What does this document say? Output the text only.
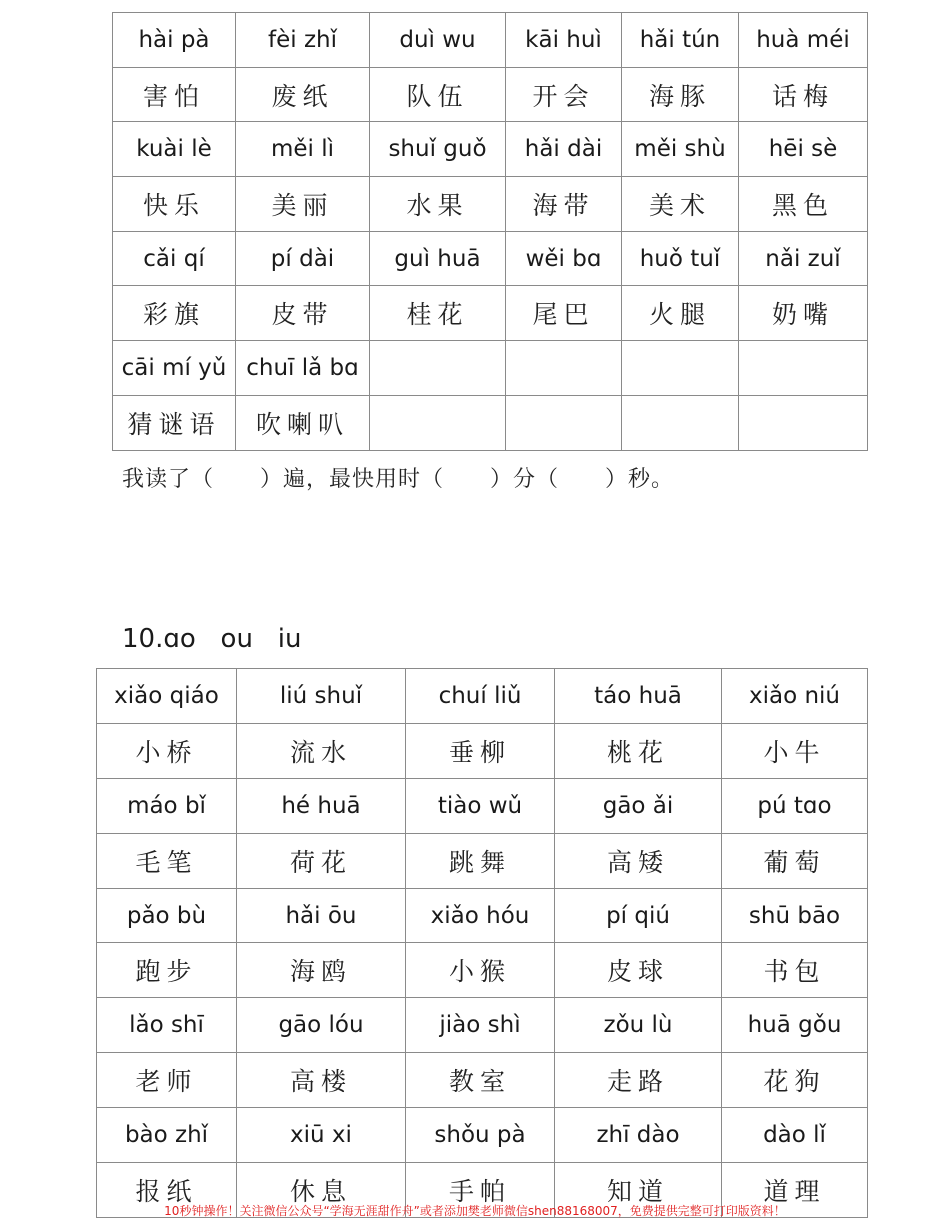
hài pà	fèi zhǐ	duì wu	kāi huì	hǎi tún	huà méi
害怕	废纸	队伍	开会	海豚	话梅
kuài lè	měi lì	shuǐ guǒ	hǎi dài	měi shù	hēi sè
快乐	美丽	水果	海带	美术	黑色
cǎi qí	pí dài	guì huā	wěi bɑ	huǒ tuǐ	nǎi zuǐ
彩旗	皮带	桂花	尾巴	火腿	奶嘴
cāi mí yǔ	chuī lǎ bɑ				
猜谜语	吹喇叭				
我读了（　　）遍，最快用时（　　）分（　　）秒。
10.ɑo   ou   iu
xiǎo qiáo	liú shuǐ	chuí liǔ	táo huā	xiǎo niú
小桥	流水	垂柳	桃花	小牛
máo bǐ	hé huā	tiào wǔ	gāo ǎi	pú tɑo
毛笔	荷花	跳舞	高矮	葡萄
pǎo bù	hǎi ōu	xiǎo hóu	pí qiú	shū bāo
跑步	海鸥	小猴	皮球	书包
lǎo shī	gāo lóu	jiào shì	zǒu lù	huā gǒu
老师	高楼	教室	走路	花狗
bào zhǐ	xiū xi	shǒu pà	zhī dào	dào lǐ
报纸	休息	手帕	知道	道理
10秒钟操作！关注微信公众号“学海无涯甜作舟”或者添加樊老师微信shen88168007，免费提供完整可打印版资料！
